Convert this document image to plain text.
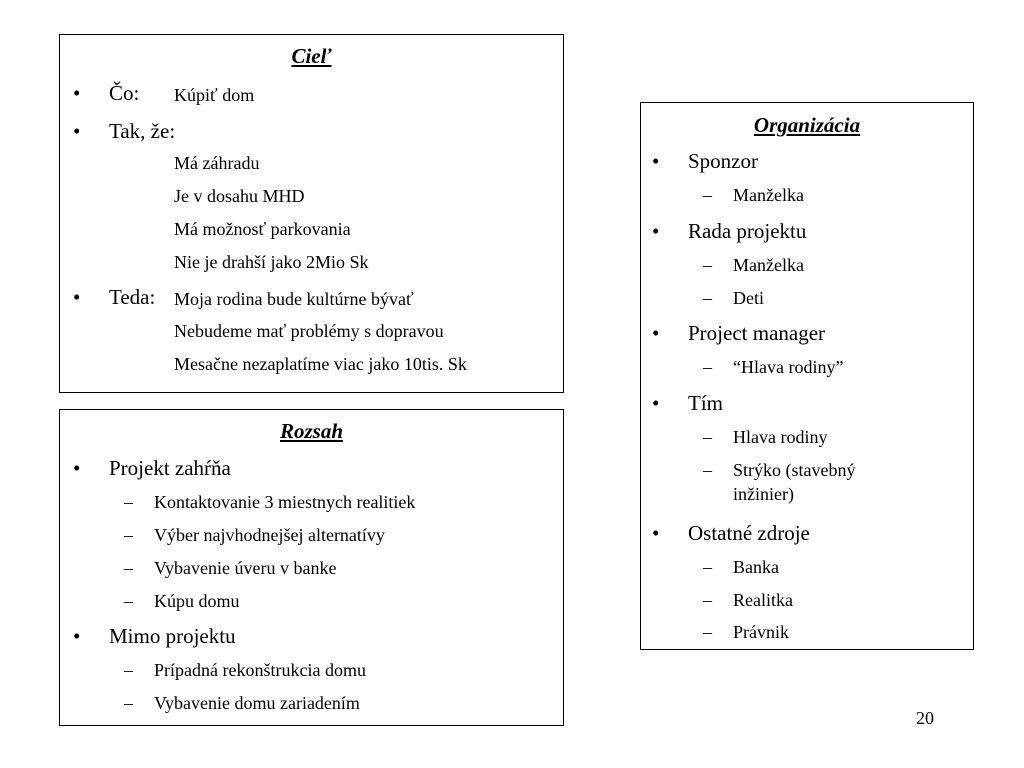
Cieľ
• Čo: Kúpiť dom
• Tak, že:
Má záhradu
Je v dosahu MHD
Má možnosť parkovania
Nie je drahší jako 2Mio Sk
• Teda: Moja rodina bude kultúrne bývať
Nebudeme mať problémy s dopravou
Mesačne nezaplatíme viac jako 10tis. Sk
Rozsah
• Projekt zahŕňa
– Kontaktovanie 3 miestnych realitiek
– Výber najvhodnejšej alternatívy
– Vybavenie úveru v banke
– Kúpu domu
• Mimo projektu
– Prípadná rekonštrukcia domu
– Vybavenie domu zariadením
Organizácia
• Sponzor
– Manželka
• Rada projektu
– Manželka
– Deti
• Project manager
– “Hlava rodiny”
• Tím
– Hlava rodiny
– Strýko (stavebný
inžinier)
• Ostatné zdroje
– Banka
– Realitka
– Právnik
20
